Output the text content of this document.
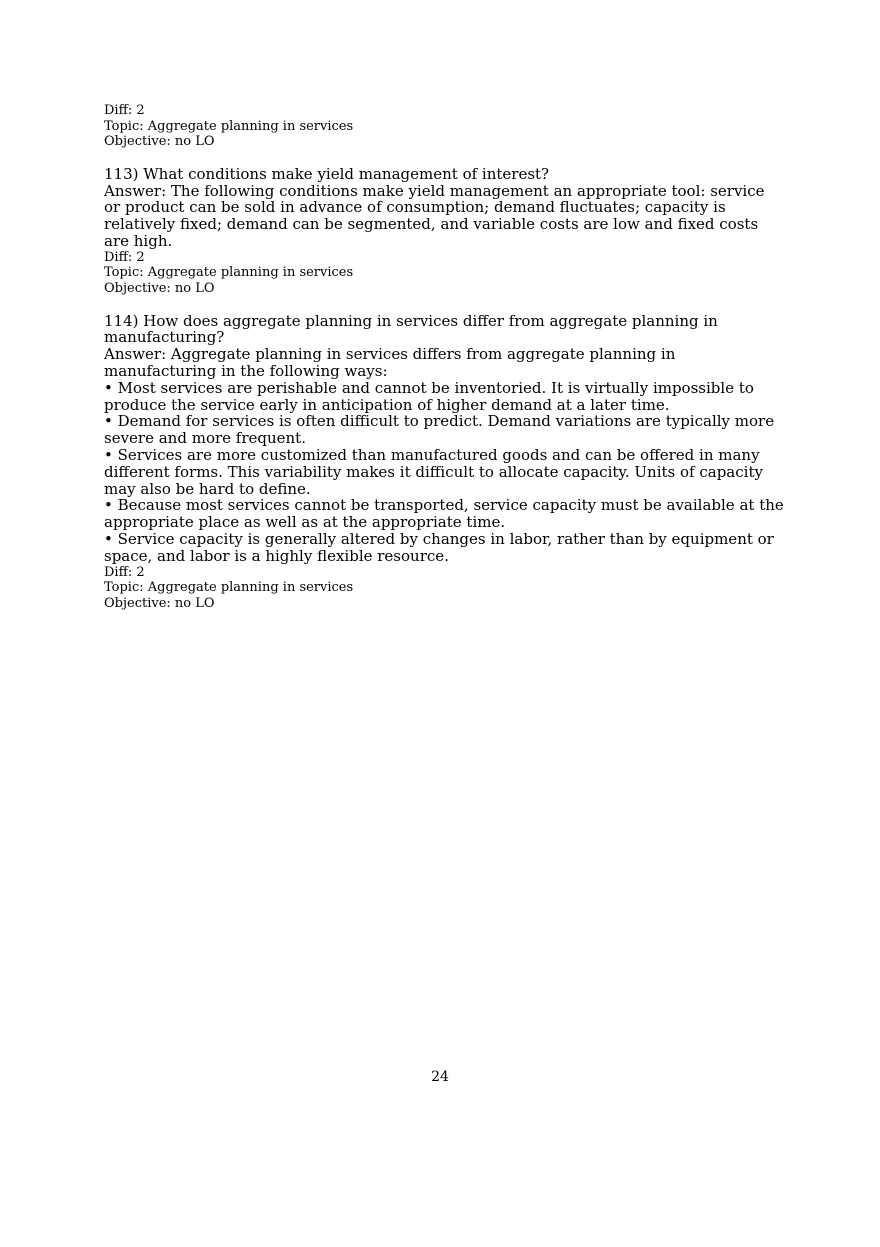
Diff: 2
Topic: Aggregate planning in services
Objective: no LO
113) What conditions make yield management of interest?
Answer: The following conditions make yield management an appropriate tool: service or product can be sold in advance of consumption; demand fluctuates; capacity is relatively fixed; demand can be segmented, and variable costs are low and fixed costs are high.
Diff: 2
Topic: Aggregate planning in services
Objective: no LO
114) How does aggregate planning in services differ from aggregate planning in manufacturing?
Answer: Aggregate planning in services differs from aggregate planning in manufacturing in the following ways:
• Most services are perishable and cannot be inventoried. It is virtually impossible to produce the service early in anticipation of higher demand at a later time.
• Demand for services is often difficult to predict. Demand variations are typically more severe and more frequent.
• Services are more customized than manufactured goods and can be offered in many different forms. This variability makes it difficult to allocate capacity. Units of capacity may also be hard to define.
• Because most services cannot be transported, service capacity must be available at the appropriate place as well as at the appropriate time.
• Service capacity is generally altered by changes in labor, rather than by equipment or space, and labor is a highly flexible resource.
Diff: 2
Topic: Aggregate planning in services
Objective: no LO
24
